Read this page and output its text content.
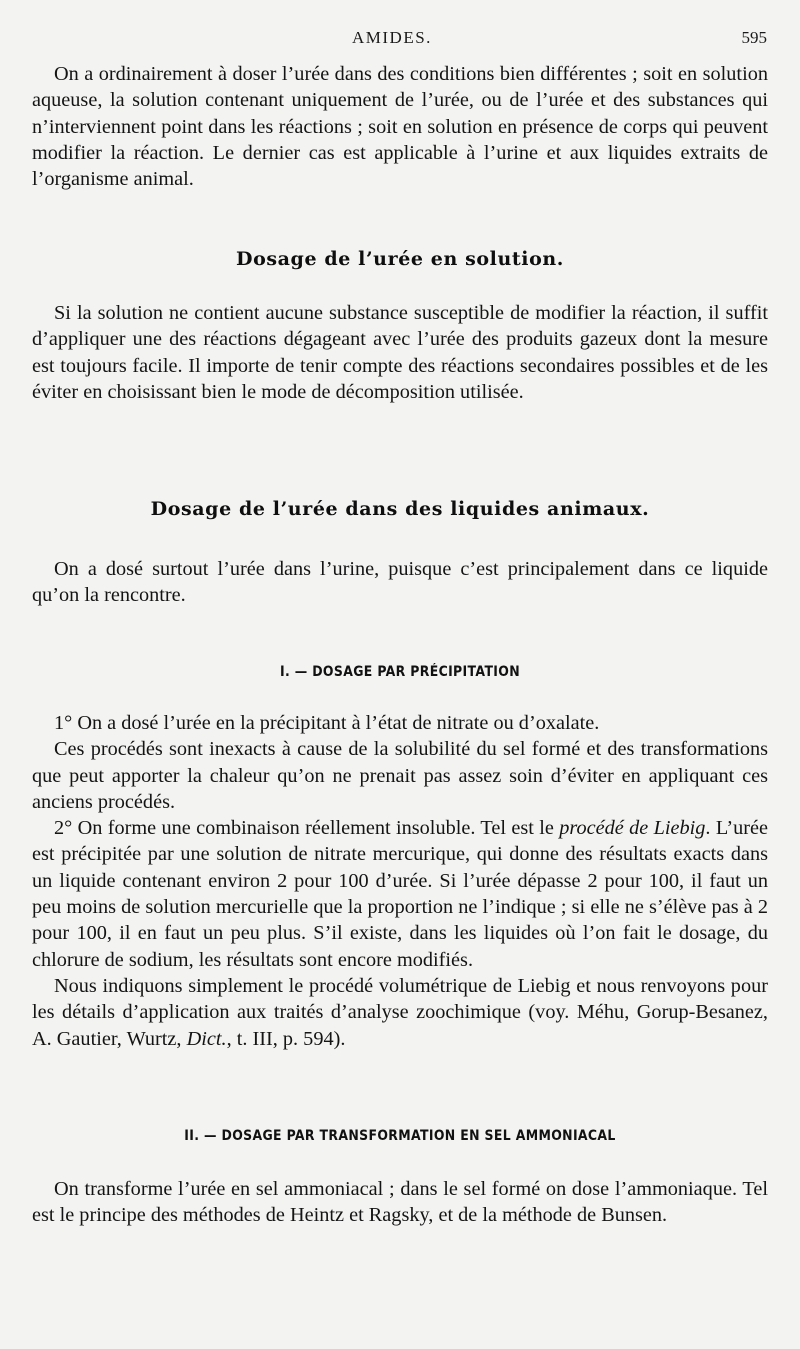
AMIDES.	595

On a ordinairement à doser l’urée dans des conditions bien différentes ; soit en solution aqueuse, la solution contenant uniquement de l’urée, ou de l’urée et des substances qui n’interviennent point dans les réactions ; soit en solution en présence de corps qui peuvent modifier la réaction. Le dernier cas est applicable à l’urine et aux liquides extraits de l’organisme animal.

Dosage de l’urée en solution.

Si la solution ne contient aucune substance susceptible de modifier la réaction, il suffit d’appliquer une des réactions dégageant avec l’urée des produits gazeux dont la mesure est toujours facile. Il importe de tenir compte des réactions secondaires possibles et de les éviter en choisissant bien le mode de décomposition utilisée.

Dosage de l’urée dans des liquides animaux.

On a dosé surtout l’urée dans l’urine, puisque c’est principalement dans ce liquide qu’on la rencontre.

I. — DOSAGE PAR PRÉCIPITATION

1° On a dosé l’urée en la précipitant à l’état de nitrate ou d’oxalate.

Ces procédés sont inexacts à cause de la solubilité du sel formé et des transformations que peut apporter la chaleur qu’on ne prenait pas assez soin d’éviter en appliquant ces anciens procédés.

2° On forme une combinaison réellement insoluble. Tel est le procédé de Liebig. L’urée est précipitée par une solution de nitrate mercurique, qui donne des résultats exacts dans un liquide contenant environ 2 pour 100 d’urée. Si l’urée dépasse 2 pour 100, il faut un peu moins de solution mercurielle que la proportion ne l’indique ; si elle ne s’élève pas à 2 pour 100, il en faut un peu plus. S’il existe, dans les liquides où l’on fait le dosage, du chlorure de sodium, les résultats sont encore modifiés.

Nous indiquons simplement le procédé volumétrique de Liebig et nous renvoyons pour les détails d’application aux traités d’analyse zoochimique (voy. Méhu, Gorup-Besanez, A. Gautier, Wurtz, Dict., t. III, p. 594).

II. — DOSAGE PAR TRANSFORMATION EN SEL AMMONIACAL

On transforme l’urée en sel ammoniacal ; dans le sel formé on dose l’ammoniaque. Tel est le principe des méthodes de Heintz et Ragsky, et de la méthode de Bunsen.
